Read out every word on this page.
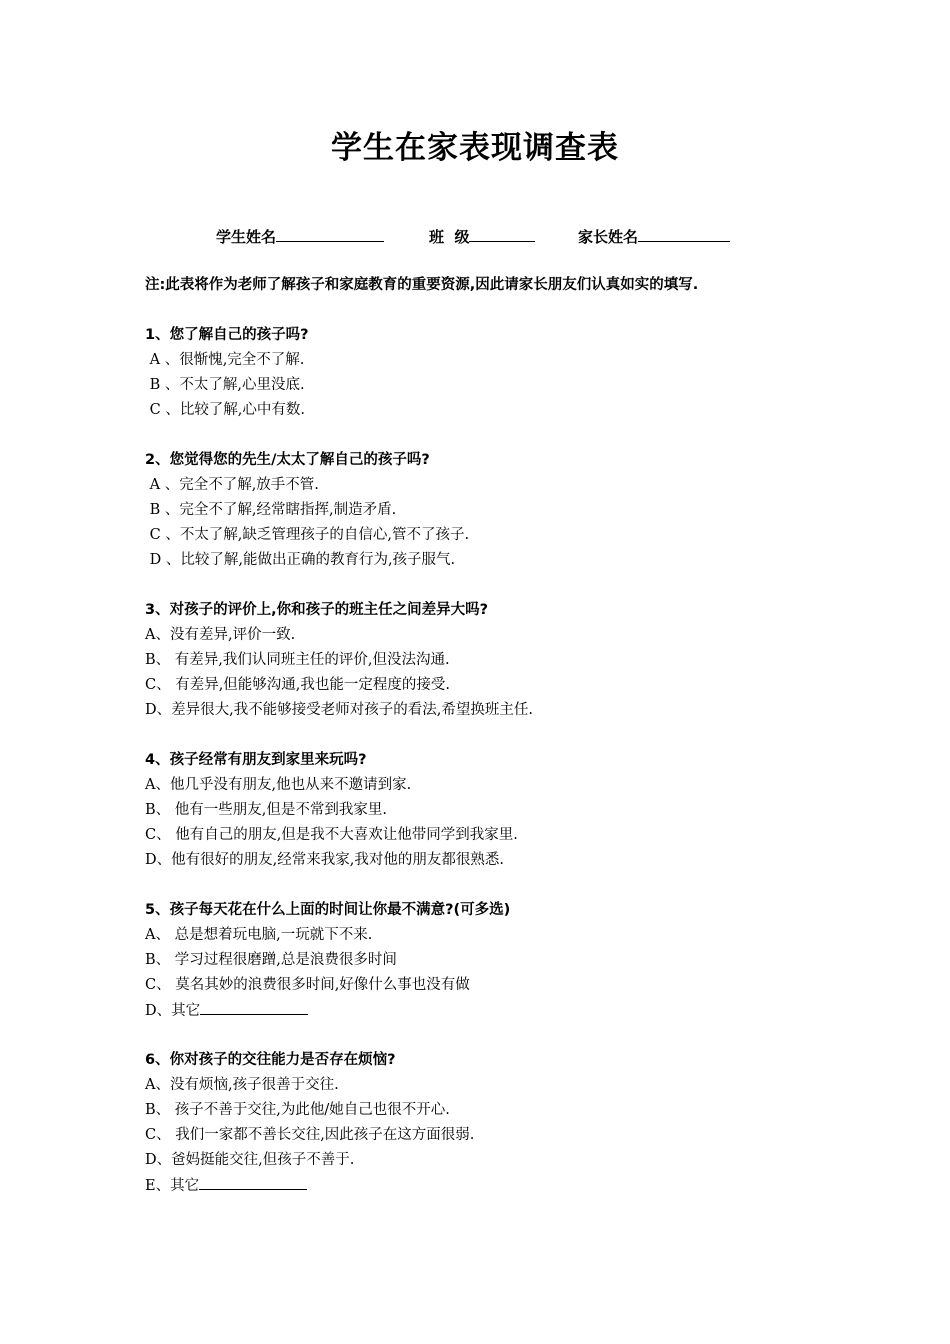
学生在家表现调查表
学生姓名	班  级	家长姓名
注:此表将作为老师了解孩子和家庭教育的重要资源,因此请家长朋友们认真如实的填写.
1、您了解自己的孩子吗?
A 、很惭愧,完全不了解.
B 、不太了解,心里没底.
C 、比较了解,心中有数.
2、您觉得您的先生/太太了解自己的孩子吗?
A 、完全不了解,放手不管.
B 、完全不了解,经常瞎指挥,制造矛盾.
C 、不太了解,缺乏管理孩子的自信心,管不了孩子.
D 、比较了解,能做出正确的教育行为,孩子服气.
3、对孩子的评价上,你和孩子的班主任之间差异大吗?
A、没有差异,评价一致.
B、 有差异,我们认同班主任的评价,但没法沟通.
C、 有差异,但能够沟通,我也能一定程度的接受.
D、差异很大,我不能够接受老师对孩子的看法,希望换班主任.
4、孩子经常有朋友到家里来玩吗?
A、他几乎没有朋友,他也从来不邀请到家.
B、 他有一些朋友,但是不常到我家里.
C、 他有自己的朋友,但是我不大喜欢让他带同学到我家里.
D、他有很好的朋友,经常来我家,我对他的朋友都很熟悉.
5、孩子每天花在什么上面的时间让你最不满意?(可多选)
A、 总是想着玩电脑,一玩就下不来.
B、 学习过程很磨蹭,总是浪费很多时间
C、 莫名其妙的浪费很多时间,好像什么事也没有做
D、其它
6、你对孩子的交往能力是否存在烦恼?
A、没有烦恼,孩子很善于交往.
B、 孩子不善于交往,为此他/她自己也很不开心.
C、 我们一家都不善长交往,因此孩子在这方面很弱.
D、爸妈挺能交往,但孩子不善于.
E、其它
